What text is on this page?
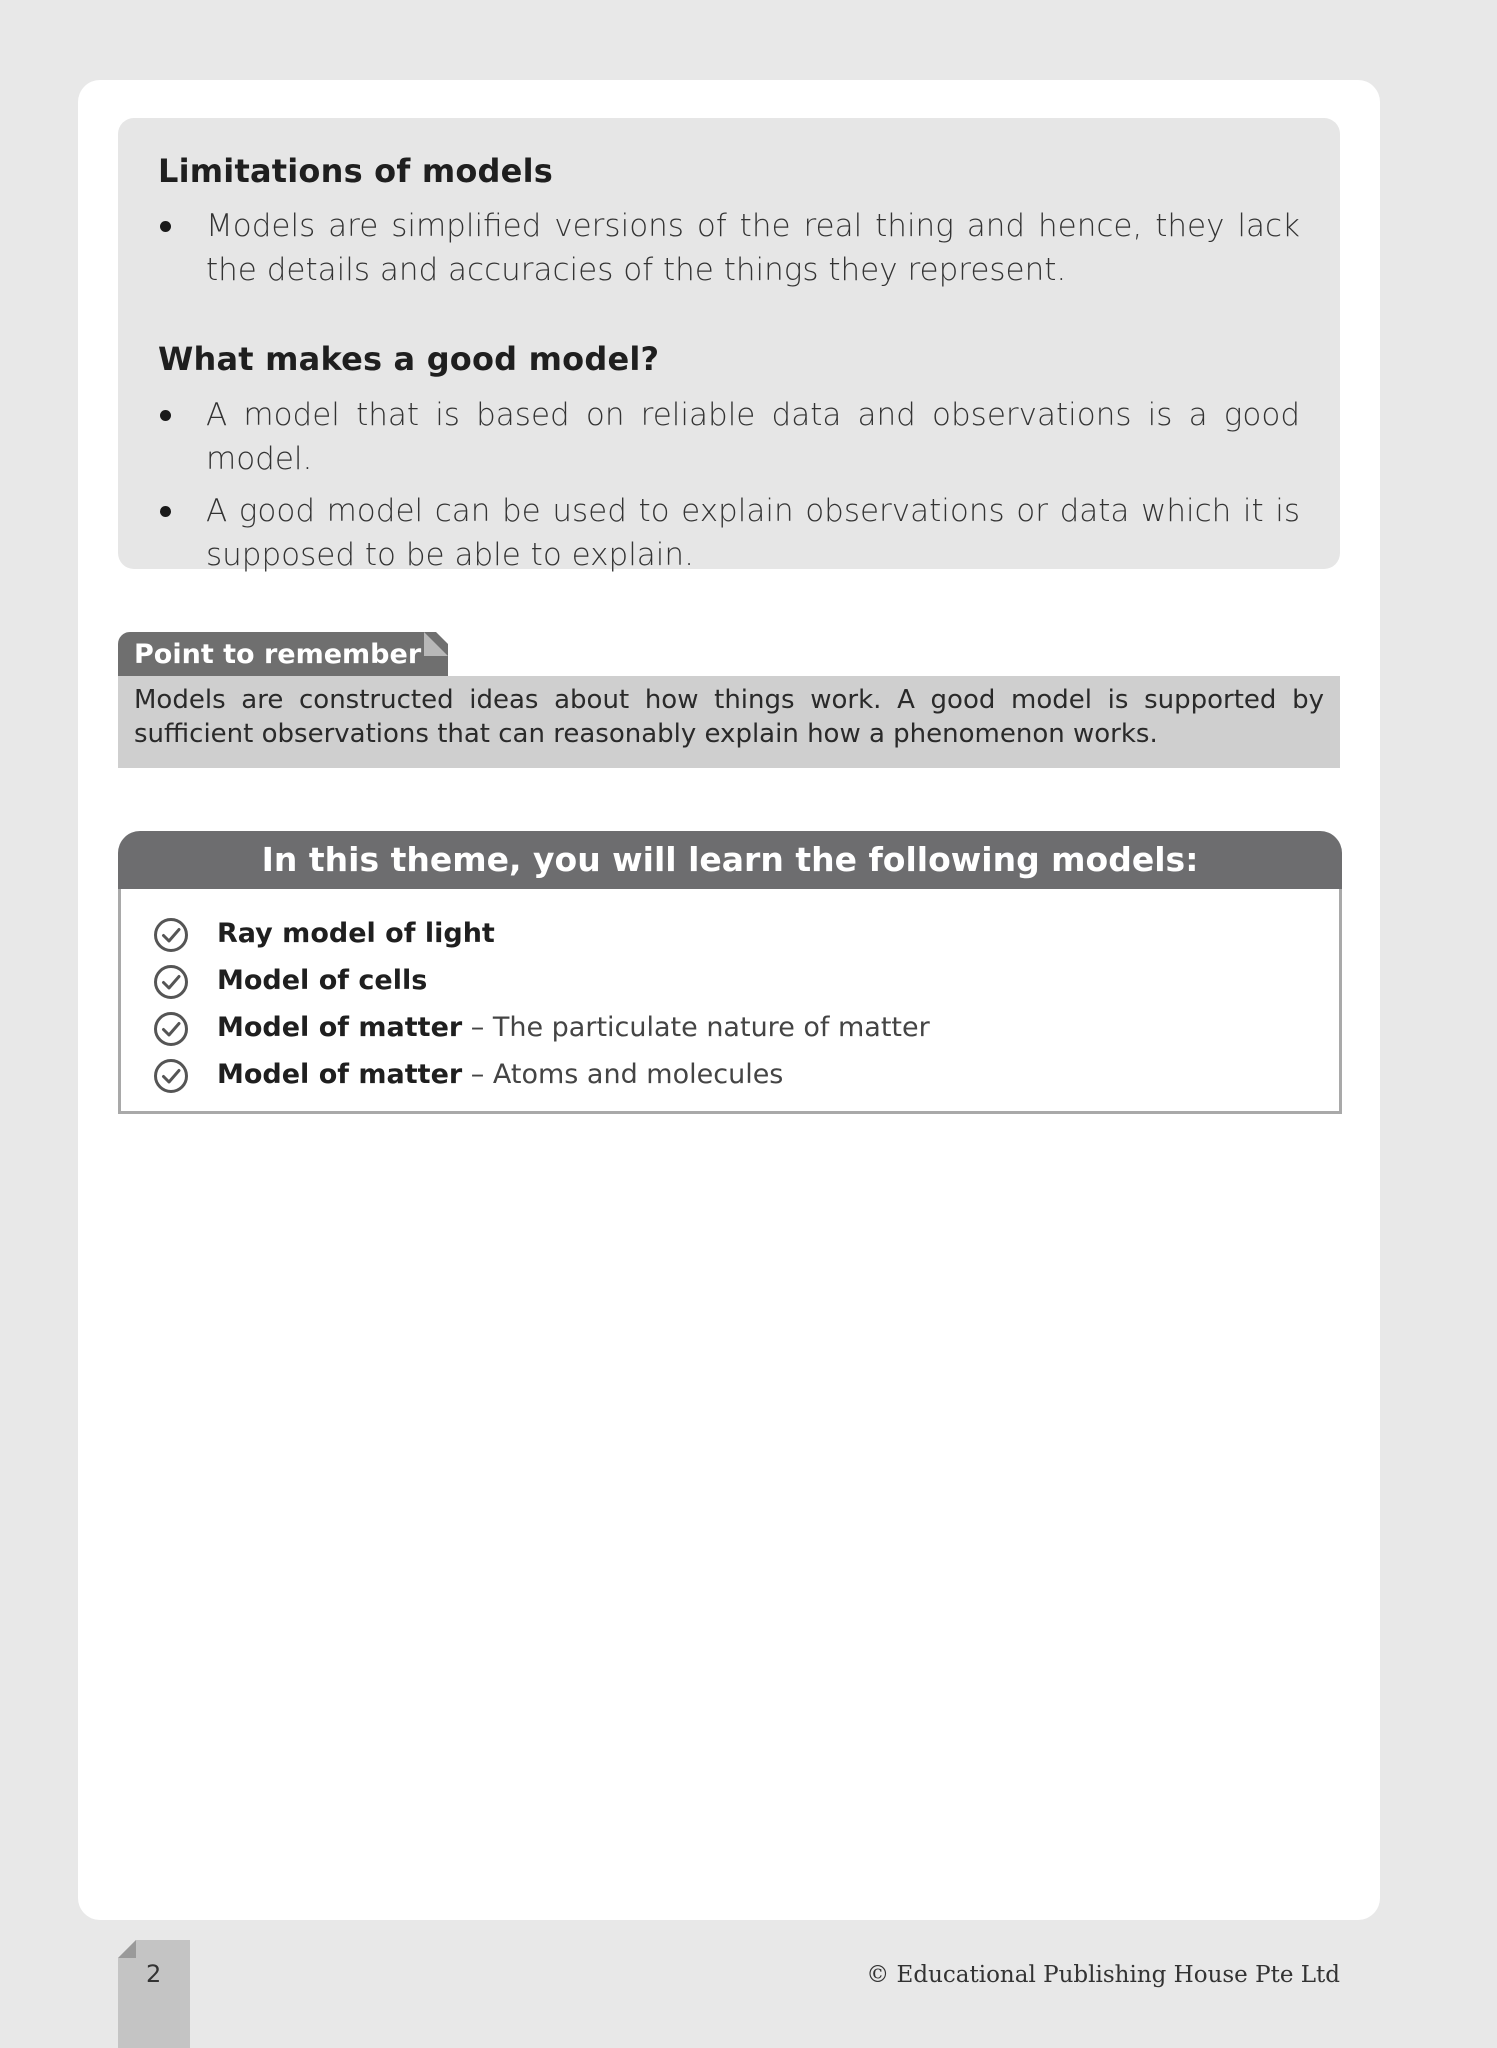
Limitations of models
Models are simplified versions of the real thing and hence, they lack the details and accuracies of the things they represent.
What makes a good model?
A model that is based on reliable data and observations is a good model.
A good model can be used to explain observations or data which it is supposed to be able to explain.
Point to remember
Models are constructed ideas about how things work. A good model is supported by sufficient observations that can reasonably explain how a phenomenon works.
In this theme, you will learn the following models:
Ray model of light
Model of cells
Model of matter – The particulate nature of matter
Model of matter – Atoms and molecules
2	© Educational Publishing House Pte Ltd
